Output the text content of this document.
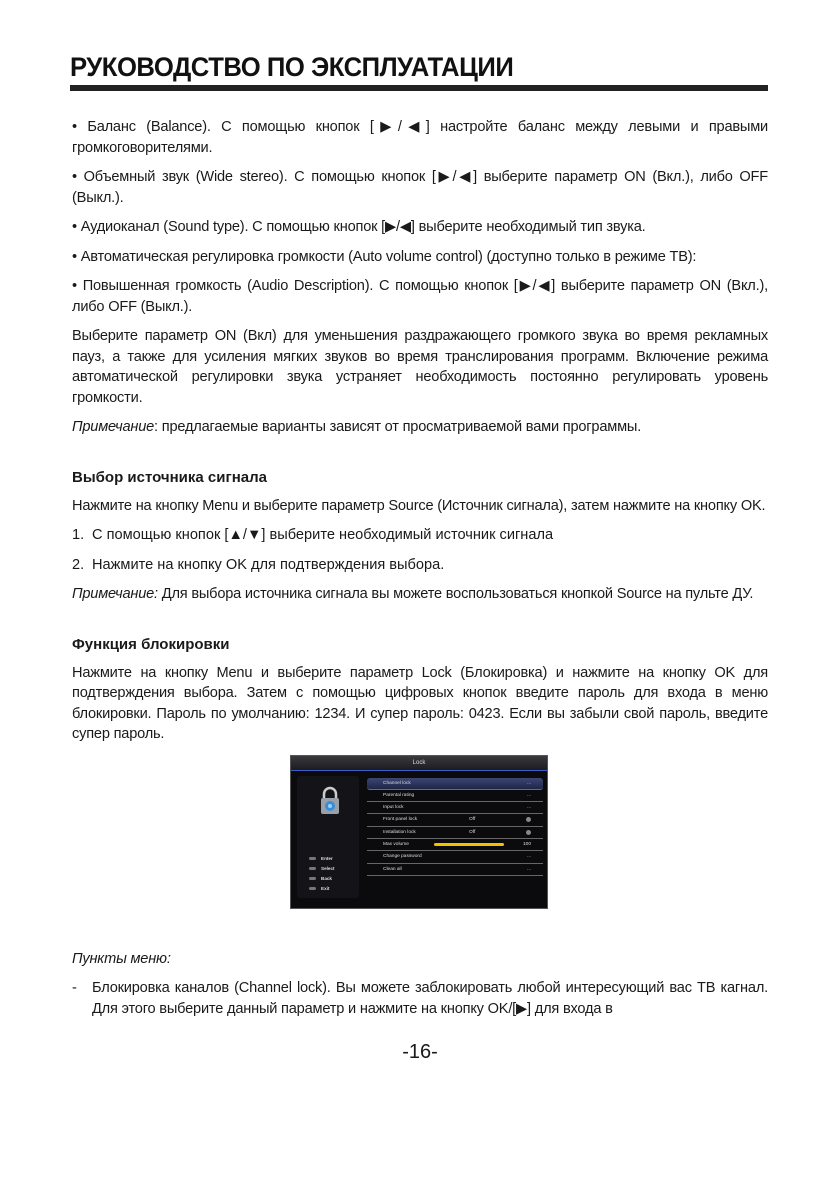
РУКОВОДСТВО ПО ЭКСПЛУАТАЦИИ

• Баланс (Balance). С помощью кнопок [▶/◀] настройте баланс между левыми и правыми громкоговорителями.

• Объемный звук (Wide stereo). С помощью кнопок [▶/◀] выберите параметр ON (Вкл.), либо OFF (Выкл.).

• Аудиоканал (Sound type). С помощью кнопок [▶/◀] выберите необходимый тип звука.

• Автоматическая регулировка громкости (Auto volume control) (доступно только в режиме ТВ):

• Повышенная громкость (Audio Description). С помощью кнопок [▶/◀] выберите параметр ON (Вкл.), либо OFF (Выкл.).

Выберите параметр ON (Вкл) для уменьшения раздражающего громкого звука во время рекламных пауз, а также для усиления мягких звуков во время транслирования программ. Включение режима автоматической регулировки звука устраняет необходимость постоянно регулировать уровень громкости.

Примечание: предлагаемые варианты зависят от просматриваемой вами программы.

Выбор источника сигнала

Нажмите на кнопку Menu и выберите параметр Source (Источник сигнала), затем нажмите на кнопку OK.

1. С помощью кнопок [▲/▼] выберите необходимый источник сигнала
2. Нажмите на кнопку OK для подтверждения выбора.

Примечание: Для выбора источника сигнала вы можете воспользоваться кнопкой Source на пульте ДУ.

Функция блокировки

Нажмите на кнопку Menu и выберите параметр Lock (Блокировка) и нажмите на кнопку OK для подтверждения выбора. Затем с помощью цифровых кнопок введите пароль для входа в меню блокировки. Пароль по умолчанию: 1234. И супер пароль: 0423. Если вы забыли свой пароль, введите супер пароль.

Lock
Enter
Select
Back
Exit
Channel lock	...
Parental rating	...
Input lock	...
Front panel lock	Off
Installation lock	Off
Max volume	100
Change password	...
Clean all	...

Пункты меню:

- Блокировка каналов (Channel lock). Вы можете заблокировать любой интересующий вас ТВ кагнал. Для этого выберите данный параметр и нажмите на кнопку OK/[▶] для входа в
-16-
